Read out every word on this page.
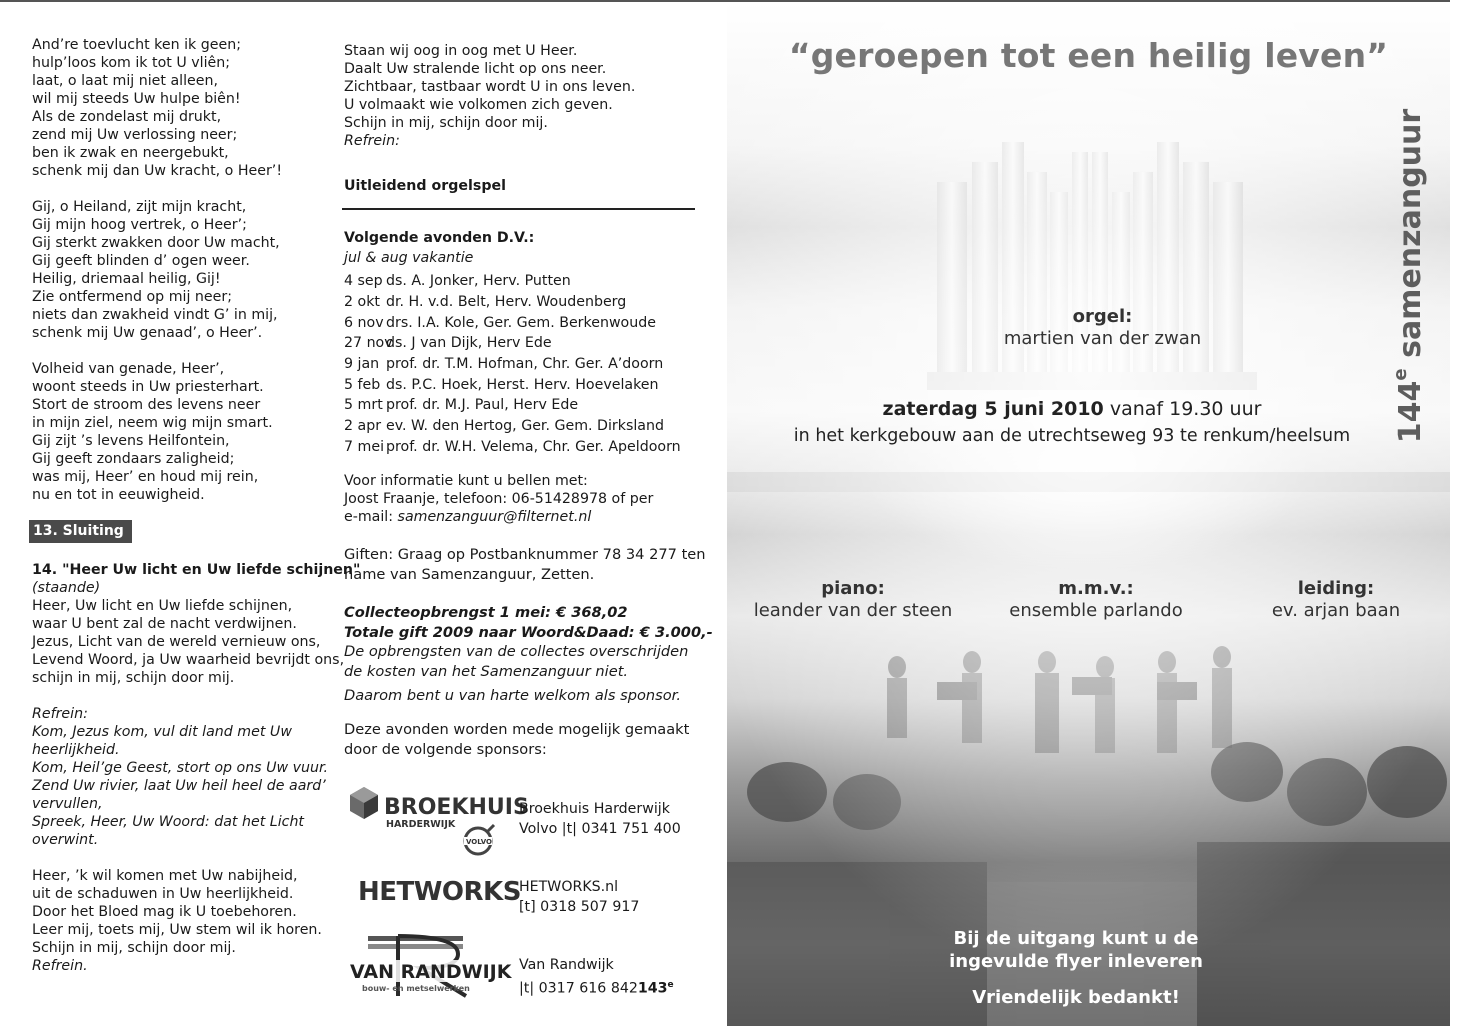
And’re toevlucht ken ik geen;
hulp’loos kom ik tot U vliên;
laat, o laat mij niet alleen,
wil mij steeds Uw hulpe biên!
Als de zondelast mij drukt,
zend mij Uw verlossing neer;
ben ik zwak en neergebukt,
schenk mij dan Uw kracht, o Heer’!
Gij, o Heiland, zijt mijn kracht,
Gij mijn hoog vertrek, o Heer’;
Gij sterkt zwakken door Uw macht,
Gij geeft blinden d’ ogen weer.
Heilig, driemaal heilig, Gij!
Zie ontfermend op mij neer;
niets dan zwakheid vindt G’ in mij,
schenk mij Uw genaad’, o Heer’.
Volheid van genade, Heer’,
woont steeds in Uw priesterhart.
Stort de stroom des levens neer
in mijn ziel, neem wig mijn smart.
Gij zijt ’s levens Heilfontein,
Gij geeft zondaars zaligheid;
was mij, Heer’ en houd mij rein,
nu en tot in eeuwigheid.
13. Sluiting
14. "Heer Uw licht en Uw liefde schijnen"
(staande)
Heer, Uw licht en Uw liefde schijnen,
waar U bent zal de nacht verdwijnen.
Jezus, Licht van de wereld vernieuw ons,
Levend Woord, ja Uw waarheid bevrijdt ons,
schijn in mij, schijn door mij.
Refrein:
Kom, Jezus kom, vul dit land met Uw
heerlijkheid.
Kom, Heil’ge Geest, stort op ons Uw vuur.
Zend Uw rivier, laat Uw heil heel de aard’
vervullen,
Spreek, Heer, Uw Woord: dat het Licht
overwint.
Heer, ’k wil komen met Uw nabijheid,
uit de schaduwen in Uw heerlijkheid.
Door het Bloed mag ik U toebehoren.
Leer mij, toets mij, Uw stem wil ik horen.
Schijn in mij, schijn door mij.
Refrein.
Staan wij oog in oog met U Heer.
Daalt Uw stralende licht op ons neer.
Zichtbaar, tastbaar wordt U in ons leven.
U volmaakt wie volkomen zich geven.
Schijn in mij, schijn door mij.
Refrein:
Uitleidend orgelspel
Volgende avonden D.V.:
jul & aug vakantie
4 sep ds. A. Jonker, Herv. Putten
2 okt dr. H. v.d. Belt, Herv. Woudenberg
6 nov drs. I.A. Kole, Ger. Gem. Berkenwoude
27 nov
ds. J van Dijk, Herv Ede
9 jan prof. dr. T.M. Hofman, Chr. Ger. A’doorn
5 feb ds. P.C. Hoek, Herst. Herv. Hoevelaken
5 mrt prof. dr. M.J. Paul, Herv Ede
2 apr ev. W. den Hertog, Ger. Gem. Dirksland
7 mei prof. dr. W.H. Velema, Chr. Ger. Apeldoorn
Voor informatie kunt u bellen met:
Joost Fraanje, telefoon: 06-51428978 of per
e-mail: samenzanguur@filternet.nl
Giften: Graag op Postbanknummer 78 34 277 ten
name van Samenzanguur, Zetten.
Collecteopbrengst 1 mei: € 368,02
Totale gift 2009 naar Woord&Daad: € 3.000,-
De opbrengsten van de collectes overschrijden
de kosten van het Samenzanguur niet.
Daarom bent u van harte welkom als sponsor.
Deze avonden worden mede mogelijk gemaakt
door de volgende sponsors:
BROEKHUIS
HARDERWIJK
VOLVO
Broekhuis Harderwijk
Volvo |t| 0341 751 400
HETWORKS
HETWORKS.nl
[t] 0318 507 917
VAN RANDWIJK
bouw- en metselwerken
Van Randwijk
|t| 0317 616 842143e
“geroepen tot een heilig leven”
144e samenzanguur
orgel:
martien van der zwan
zaterdag 5 juni 2010 vanaf 19.30 uur
in het kerkgebouw aan de utrechtseweg 93 te renkum/heelsum
piano:
leander van der steen
m.m.v.:
ensemble parlando
leiding:
ev. arjan baan
Bij de uitgang kunt u de
ingevulde flyer inleveren
Vriendelijk bedankt!
